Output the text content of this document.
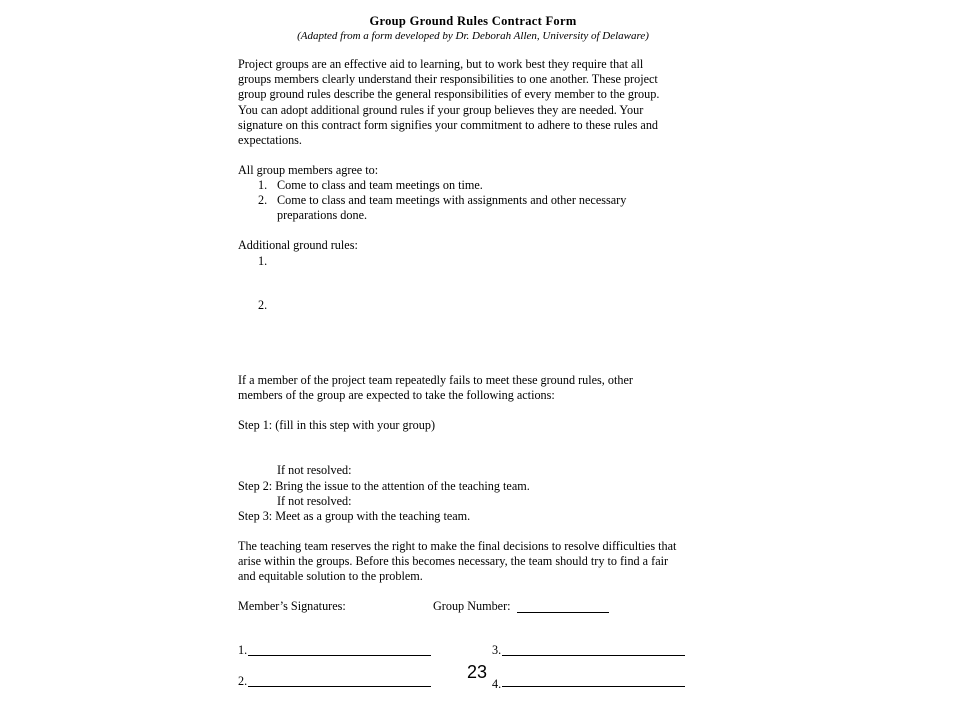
Group Ground Rules Contract Form
(Adapted from a form developed by Dr. Deborah Allen, University of Delaware)
Project groups are an effective aid to learning, but to work best they require that all
groups members clearly understand their responsibilities to one another. These project
group ground rules describe the general responsibilities of every member to the group.
You can adopt additional ground rules if your group believes they are needed. Your
signature on this contract form signifies your commitment to adhere to these rules and
expectations.
All group members agree to:
1. Come to class and team meetings on time.
2. Come to class and team meetings with assignments and other necessary
preparations done.
Additional ground rules:
1.
2.
If a member of the project team repeatedly fails to meet these ground rules, other
members of the group are expected to take the following actions:
Step 1: (fill in this step with your group)
If not resolved:
Step 2: Bring the issue to the attention of the teaching team.
If not resolved:
Step 3: Meet as a group with the teaching team.
The teaching team reserves the right to make the final decisions to resolve difficulties that
arise within the groups. Before this becomes necessary, the team should try to find a fair
and equitable solution to the problem.
Member’s Signatures:	Group Number:
1.	3.
2.	4.
23
